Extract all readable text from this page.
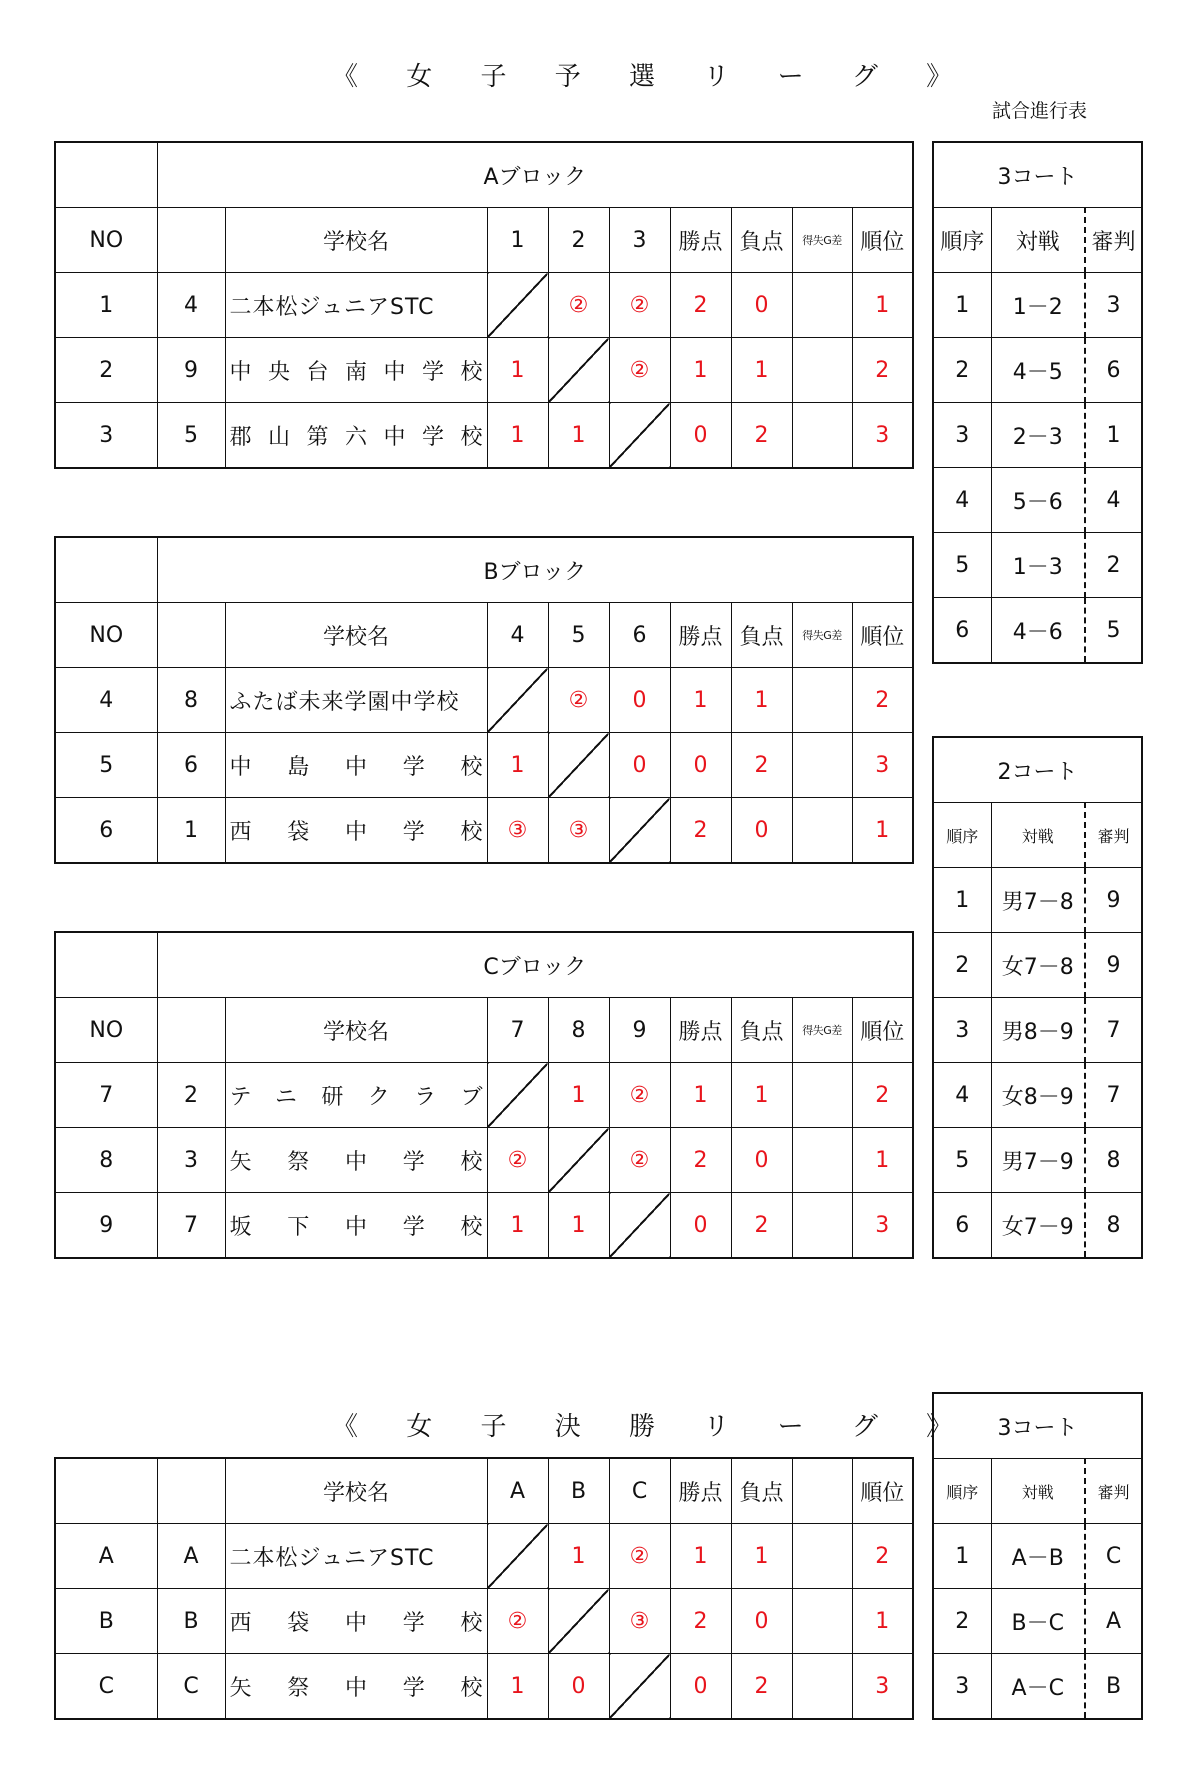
《 女 子 予 選 リ ー グ 》
試合進行表
	Aブロック								
NO		学校名	1	2	3	勝点	負点	得失G差	順位
1	4	二本松ジュニアSTC		②	②	2	0		1
2	9	中央台南中学校	1		②	1	1		2
3	5	郡山第六中学校	1	1		0	2		3
	Bブロック								
NO		学校名	4	5	6	勝点	負点	得失G差	順位
4	8	ふたば未来学園中学校		②	0	1	1		2
5	6	中島中学校	1		0	0	2		3
6	1	西袋中学校	③	③		2	0		1
	Cブロック								
NO		学校名	7	8	9	勝点	負点	得失G差	順位
7	2	テニ研クラブ		1	②	1	1		2
8	3	矢祭中学校	②		②	2	0		1
9	7	坂下中学校	1	1		0	2		3
《 女 子 決 勝 リ ー グ 》
		学校名	A	B	C	勝点	負点		順位
A	A	二本松ジュニアSTC		1	②	1	1		2
B	B	西袋中学校	②		③	2	0		1
C	C	矢祭中学校	1	0		0	2		3
3コート		
順序	対戦	審判
1	1－2	3
2	4－5	6
3	2－3	1
4	5－6	4
5	1－3	2
6	4－6	5
2コート		
順序	対戦	審判
1	男7－8	9
2	女7－8	9
3	男8－9	7
4	女8－9	7
5	男7－9	8
6	女7－9	8
3コート		
順序	対戦	審判
1	A－B	C
2	B－C	A
3	A－C	B
